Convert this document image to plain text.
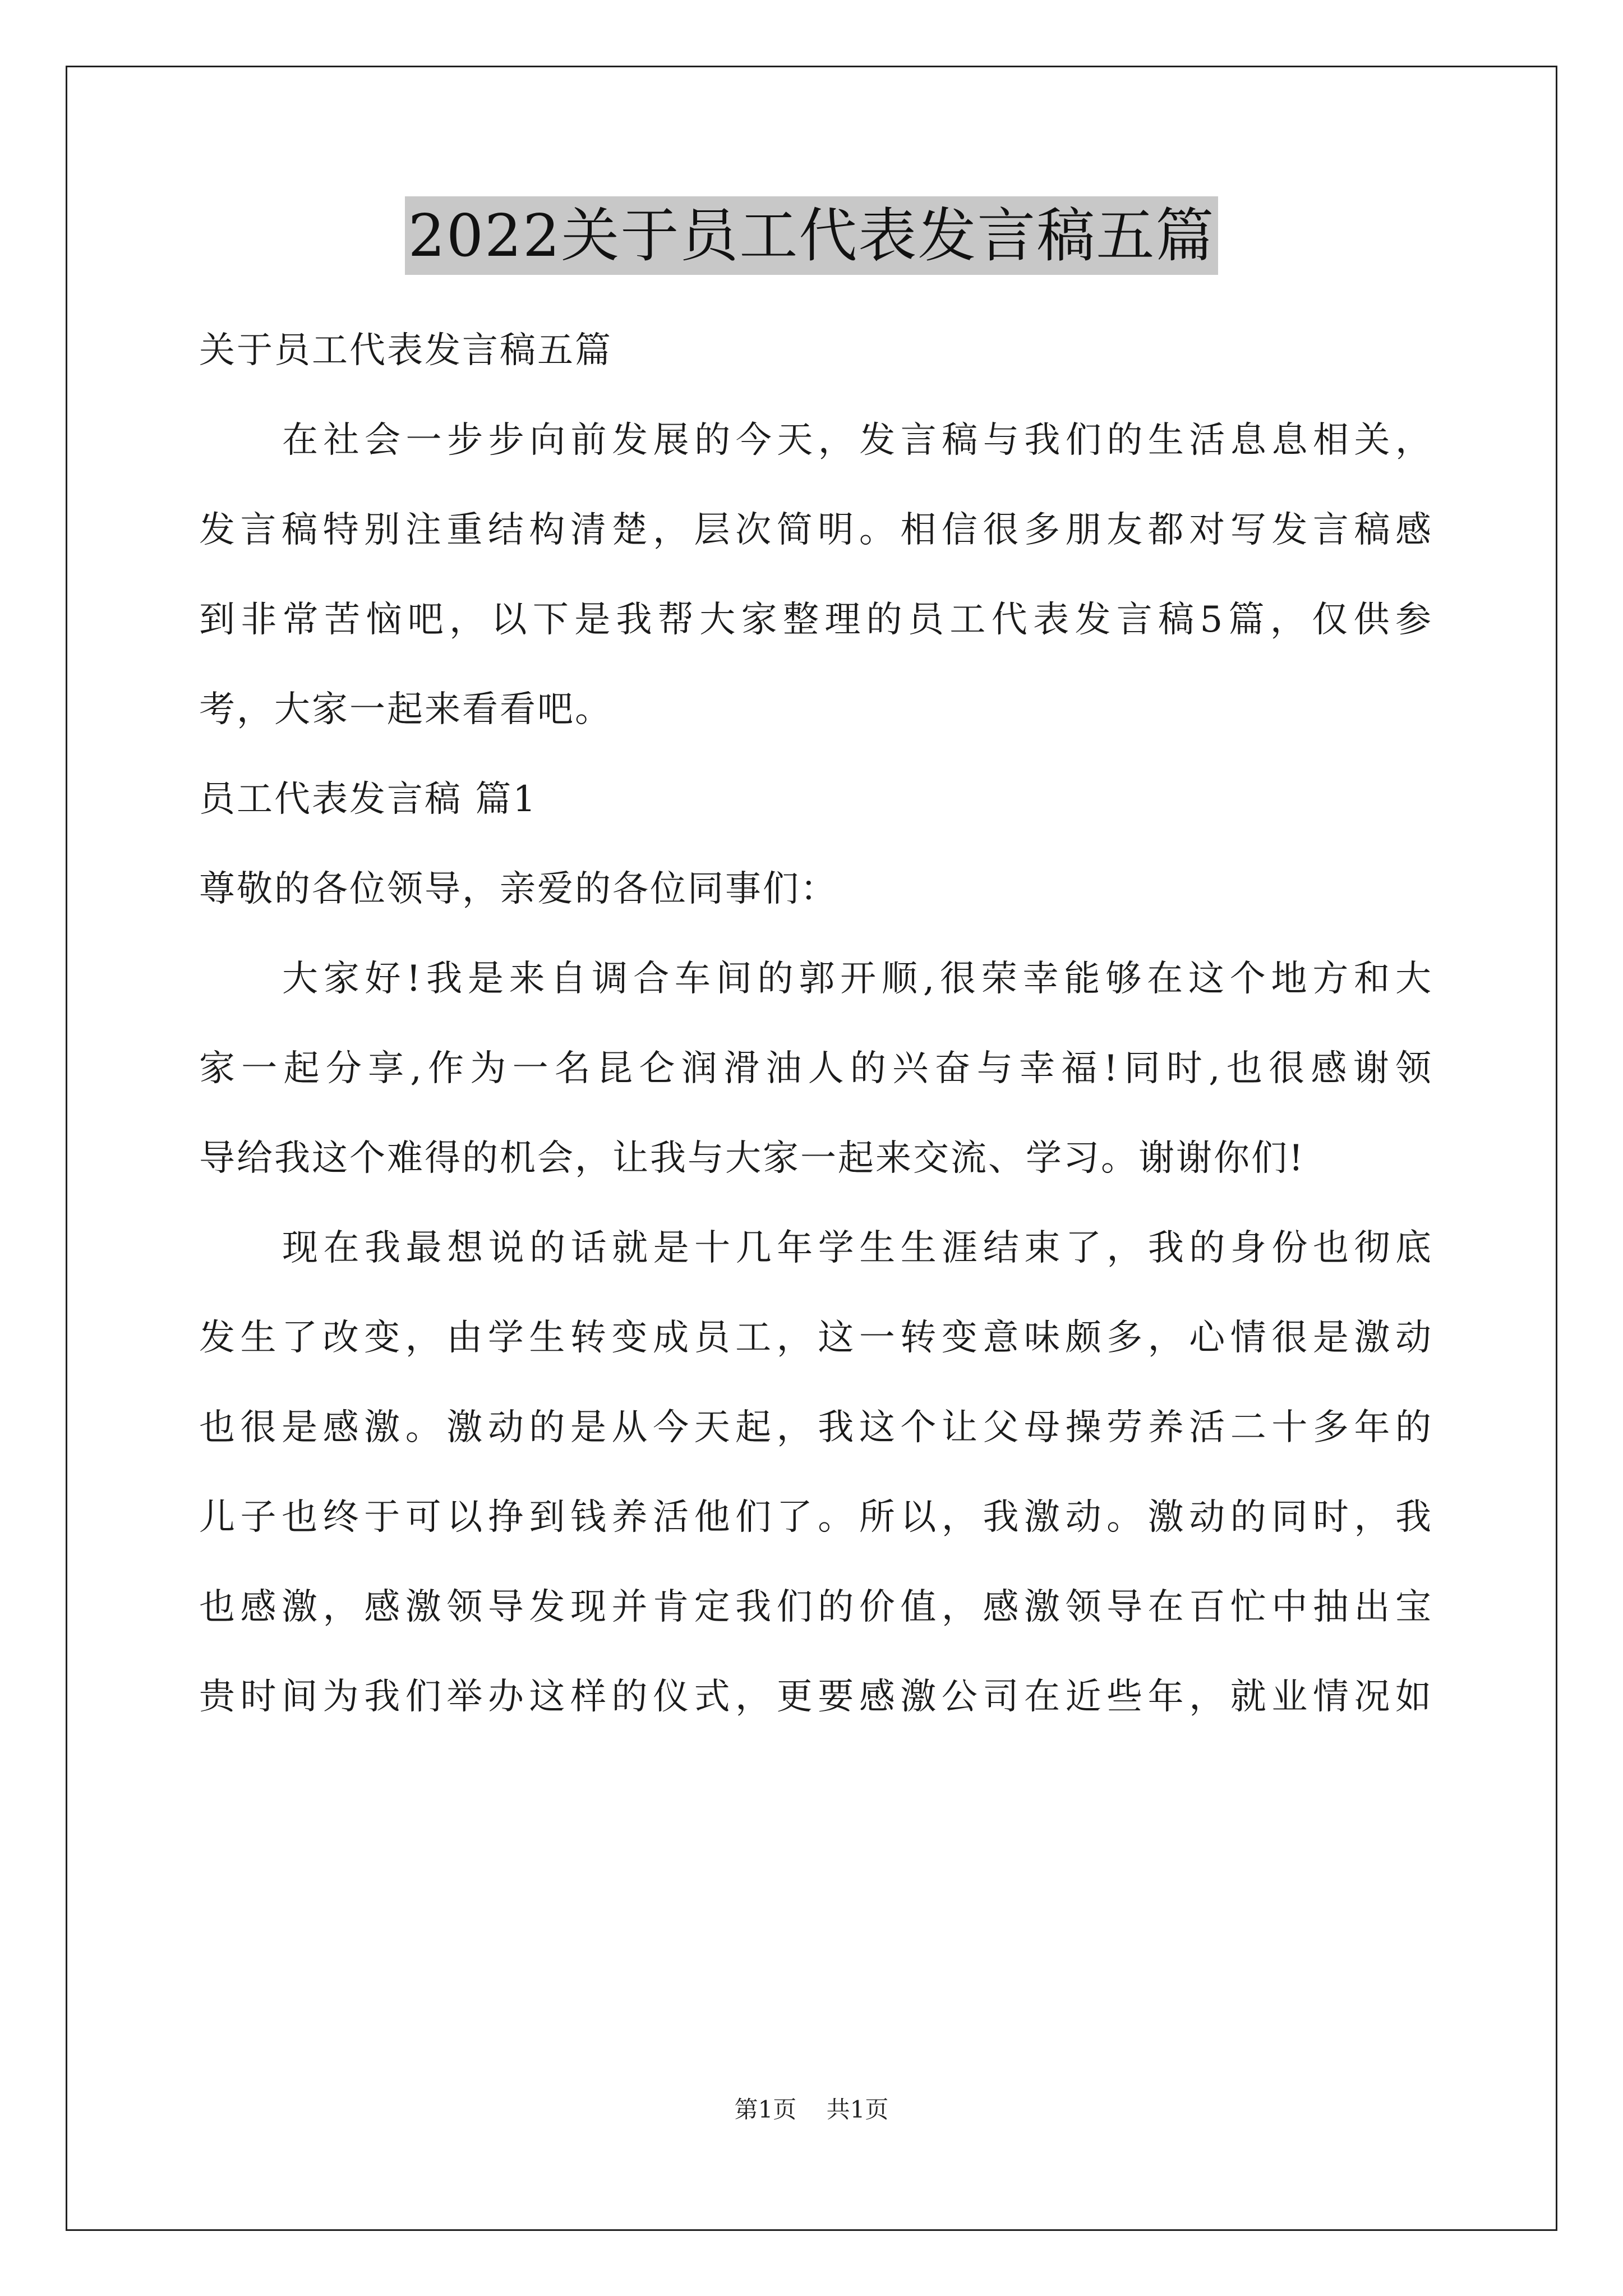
2022关于员工代表发言稿五篇
关于员工代表发言稿五篇
在社会一步步向前发展的今天，发言稿与我们的生活息息相关，
发言稿特别注重结构清楚，层次简明。相信很多朋友都对写发言稿感
到非常苦恼吧，以下是我帮大家整理的员工代表发言稿5篇，仅供参
考，大家一起来看看吧。
员工代表发言稿 篇1
尊敬的各位领导，亲爱的各位同事们：
大家好!我是来自调合车间的郭开顺,很荣幸能够在这个地方和大
家一起分享,作为一名昆仑润滑油人的兴奋与幸福!同时,也很感谢领
导给我这个难得的机会，让我与大家一起来交流、学习。谢谢你们!
现在我最想说的话就是十几年学生生涯结束了，我的身份也彻底
发生了改变，由学生转变成员工，这一转变意味颇多，心情很是激动
也很是感激。激动的是从今天起，我这个让父母操劳养活二十多年的
儿子也终于可以挣到钱养活他们了。所以，我激动。激动的同时，我
也感激，感激领导发现并肯定我们的价值，感激领导在百忙中抽出宝
贵时间为我们举办这样的仪式，更要感激公司在近些年，就业情况如
第1页 共1页
